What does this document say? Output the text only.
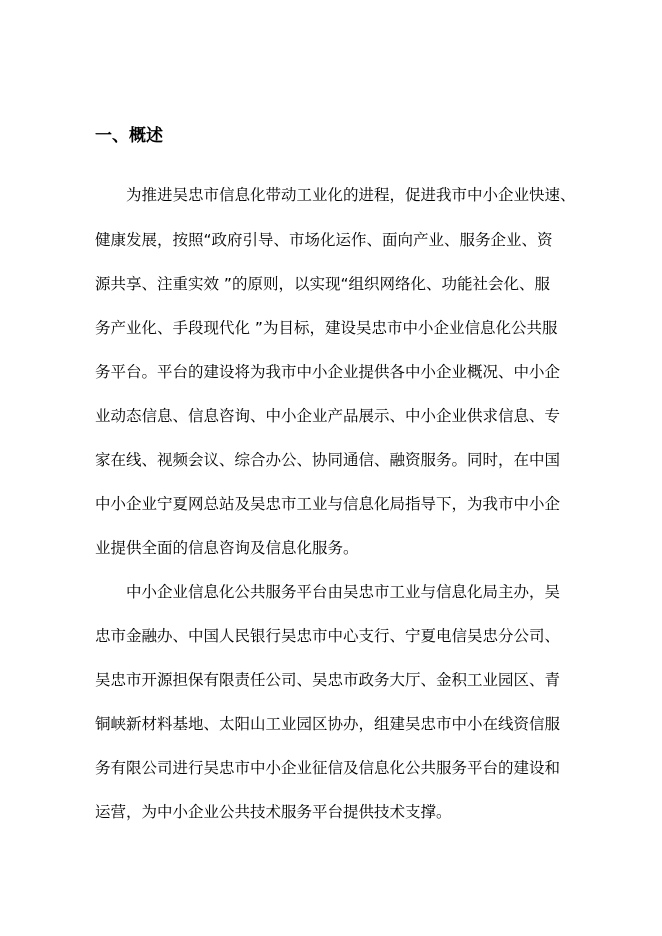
一、概述
为推进吴忠市信息化带动工业化的进程，促进我市中小企业快速、
健康发展，按照“政府引导、市场化运作、面向产业、服务企业、资
源共享、注重实效 ”的原则，以实现“组织网络化、功能社会化、服
务产业化、手段现代化 ”为目标，建设吴忠市中小企业信息化公共服
务平台。平台的建设将为我市中小企业提供各中小企业概况、中小企
业动态信息、信息咨询、中小企业产品展示、中小企业供求信息、专
家在线、视频会议、综合办公、协同通信、融资服务。同时，在中国
中小企业宁夏网总站及吴忠市工业与信息化局指导下，为我市中小企
业提供全面的信息咨询及信息化服务。
中小企业信息化公共服务平台由吴忠市工业与信息化局主办，吴
忠市金融办、中国人民银行吴忠市中心支行、宁夏电信吴忠分公司、
吴忠市开源担保有限责任公司、吴忠市政务大厅、金积工业园区、青
铜峡新材料基地、太阳山工业园区协办，组建吴忠市中小在线资信服
务有限公司进行吴忠市中小企业征信及信息化公共服务平台的建设和
运营，为中小企业公共技术服务平台提供技术支撑。
